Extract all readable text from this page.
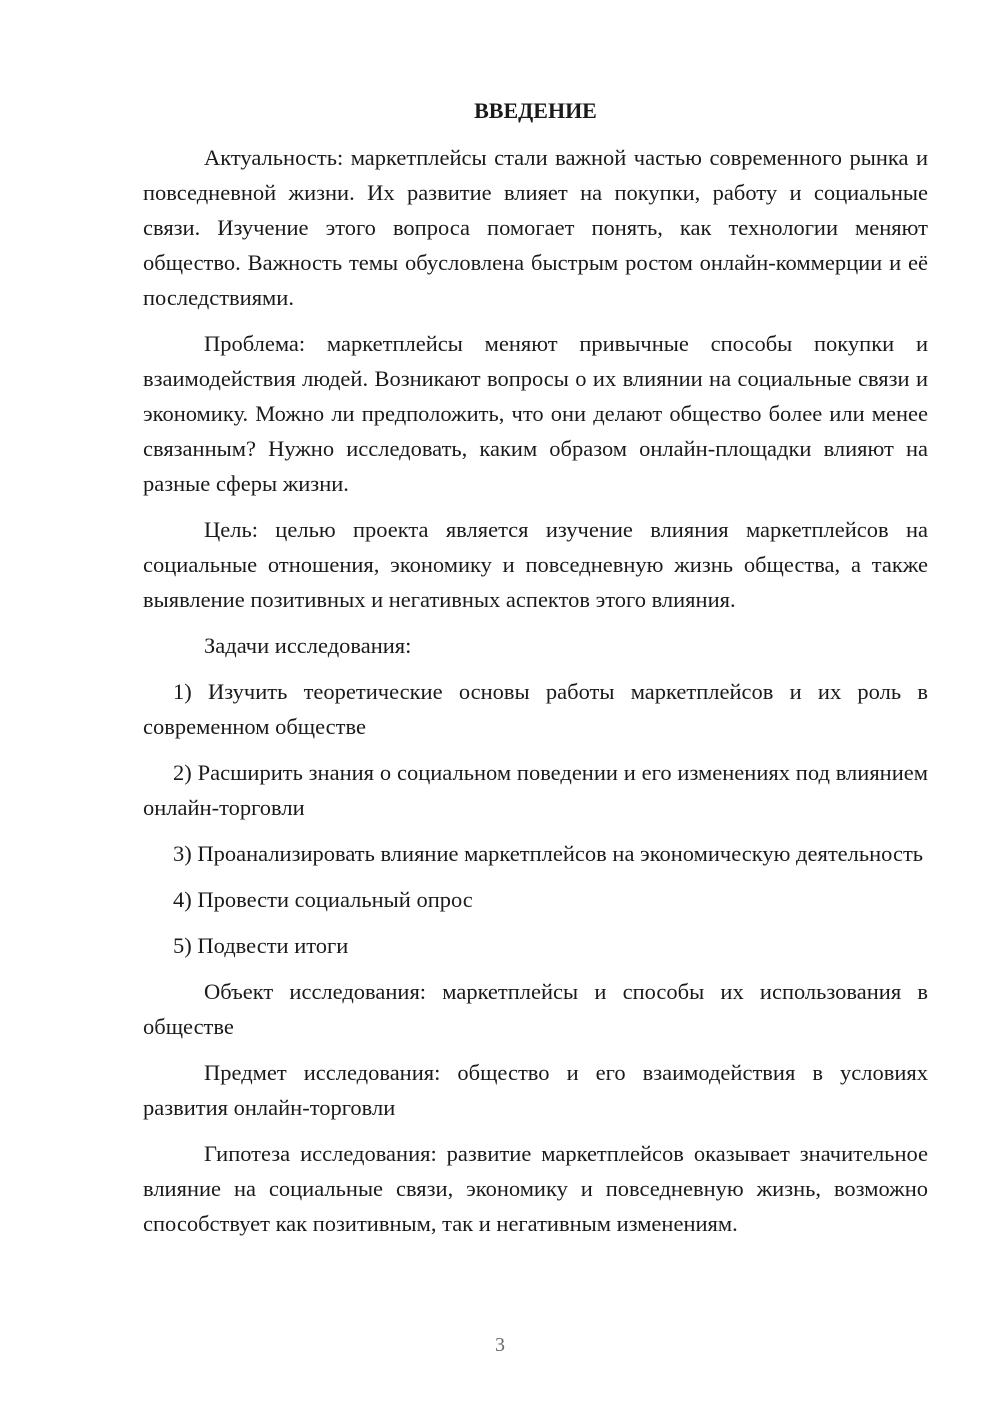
ВВЕДЕНИЕ

Актуальность: маркетплейсы стали важной частью современного рынка и повседневной жизни. Их развитие влияет на покупки, работу и социальные связи. Изучение этого вопроса помогает понять, как технологии меняют общество. Важность темы обусловлена быстрым ростом онлайн-коммерции и её последствиями.

Проблема: маркетплейсы меняют привычные способы покупки и взаимодействия людей. Возникают вопросы о их влиянии на социальные связи и экономику. Можно ли предположить, что они делают общество более или менее связанным? Нужно исследовать, каким образом онлайн-площадки влияют на разные сферы жизни.

Цель: целью проекта является изучение влияния маркетплейсов на социальные отношения, экономику и повседневную жизнь общества, а также выявление позитивных и негативных аспектов этого влияния.

Задачи исследования:

1) Изучить теоретические основы работы маркетплейсов и их роль в современном обществе

2) Расширить знания о социальном поведении и его изменениях под влиянием онлайн-торговли

3) Проанализировать влияние маркетплейсов на экономическую деятельность

4) Провести социальный опрос

5) Подвести итоги

Объект исследования: маркетплейсы и способы их использования в обществе

Предмет исследования: общество и его взаимодействия в условиях развития онлайн-торговли

Гипотеза исследования: развитие маркетплейсов оказывает значительное влияние на социальные связи, экономику и повседневную жизнь, возможно способствует как позитивным, так и негативным изменениям.

3
